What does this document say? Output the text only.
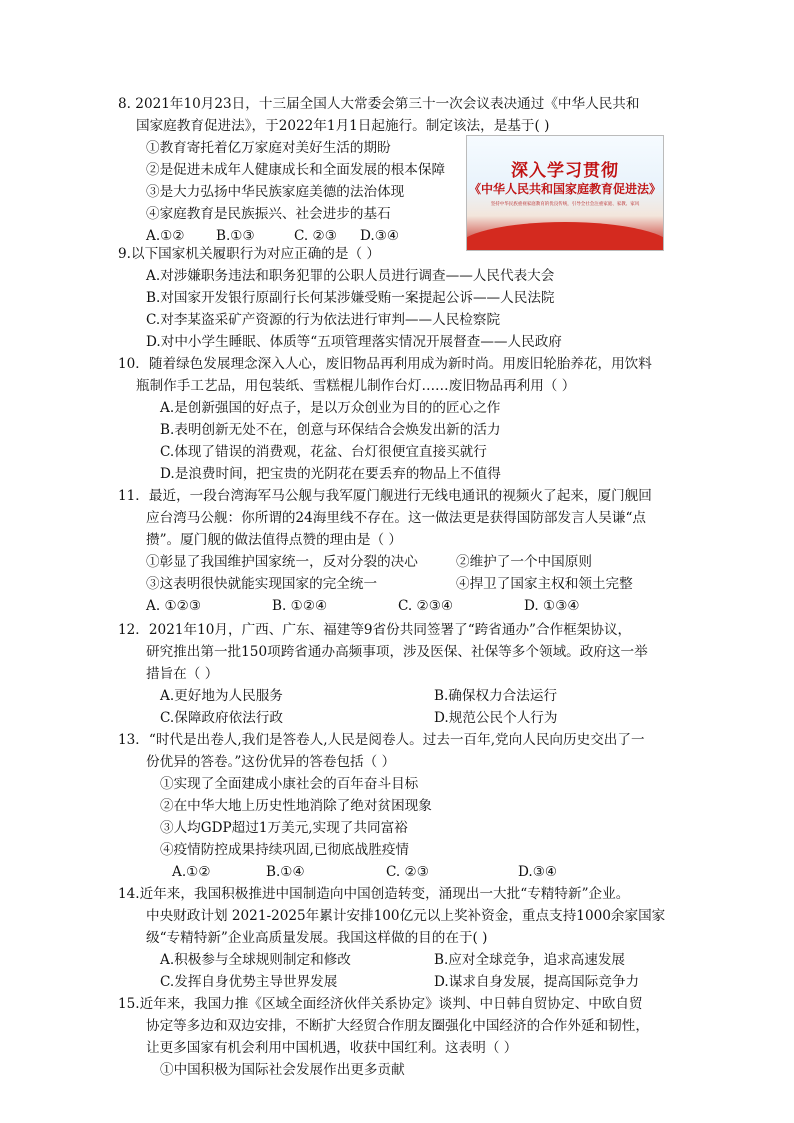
8. 2021年10月23日，十三届全国人大常委会第三十一次会议表决通过《中华人民共和
国家庭教育促进法》，于2022年1月1日起施行。制定该法，是基于( )
①教育寄托着亿万家庭对美好生活的期盼
②是促进未成年人健康成长和全面发展的根本保障
③是大力弘扬中华民族家庭美德的法治体现
④家庭教育是民族振兴、社会进步的基石
A.①② B.①③	C. ②③ D.③④
深入学习贯彻
《中华人民共和国家庭教育促进法》
坚持中华民族重视家庭教育的优良传统，引导全社会注重家庭、家教、家风
9.以下国家机关履职行为对应正确的是（ ）
A.对涉嫌职务违法和职务犯罪的公职人员进行调查——人民代表大会
B.对国家开发银行原副行长何某涉嫌受贿一案提起公诉——人民法院
C.对李某盗采矿产资源的行为依法进行审判——人民检察院
D.对中小学生睡眠、体质等“五项管理落实情况开展督查——人民政府
10．随着绿色发展理念深入人心，废旧物品再利用成为新时尚。用废旧轮胎养花，用饮料
瓶制作手工艺品，用包装纸、雪糕棍儿制作台灯……废旧物品再利用（ ）
A.是创新强国的好点子，是以万众创业为目的的匠心之作
B.表明创新无处不在，创意与环保结合会焕发出新的活力
C.体现了错误的消费观，花盆、台灯很便宜直接买就行
D.是浪费时间，把宝贵的光阴花在要丢弃的物品上不值得
11．最近，一段台湾海军马公舰与我军厦门舰进行无线电通讯的视频火了起来，厦门舰回
应台湾马公舰：你所谓的24海里线不存在。这一做法更是获得国防部发言人吴谦“点
攒”。厦门舰的做法值得点赞的理由是（ ）
①彰显了我国维护国家统一，反对分裂的决心	②维护了一个中国原则
③这表明很快就能实现国家的完全统一	④捍卫了国家主权和领土完整
A. ①②③	B. ①②④	C. ②③④	D. ①③④
12．2021年10月，广西、广东、福建等9省份共同签署了“跨省通办”合作框架协议，
研究推出第一批150项跨省通办高频事项，涉及医保、社保等多个领域。政府这一举
措旨在（ ）
A.更好地为人民服务	B.确保权力合法运行
C.保障政府依法行政	D.规范公民个人行为
13．“时代是出卷人,我们是答卷人,人民是阅卷人。过去一百年,党向人民向历史交出了一
份优异的答卷。”这份优异的答卷包括（ ）
①实现了全面建成小康社会的百年奋斗目标
②在中华大地上历史性地消除了绝对贫困现象
③人均GDP超过1万美元,实现了共同富裕
④疫情防控成果持续巩固,已彻底战胜疫情
A.①②	B.①④	C. ②③	D.③④
14.近年来，我国积极推进中国制造向中国创造转变，涌现出一大批“专精特新”企业。
中央财政计划 2021-2025年累计安排100亿元以上奖补资金，重点支持1000余家国家
级“专精特新”企业高质量发展。我国这样做的目的在于( )
A.积极参与全球规则制定和修改	B.应对全球竞争，追求高速发展
C.发挥自身优势主导世界发展	D.谋求自身发展，提高国际竞争力
15.近年来，我国力推《区域全面经济伙伴关系协定》谈判、中日韩自贸协定、中欧自贸
协定等多边和双边安排，不断扩大经贸合作朋友圈强化中国经济的合作外延和韧性，
让更多国家有机会利用中国机遇，收获中国红利。这表明（ ）
①中国积极为国际社会发展作出更多贡献
